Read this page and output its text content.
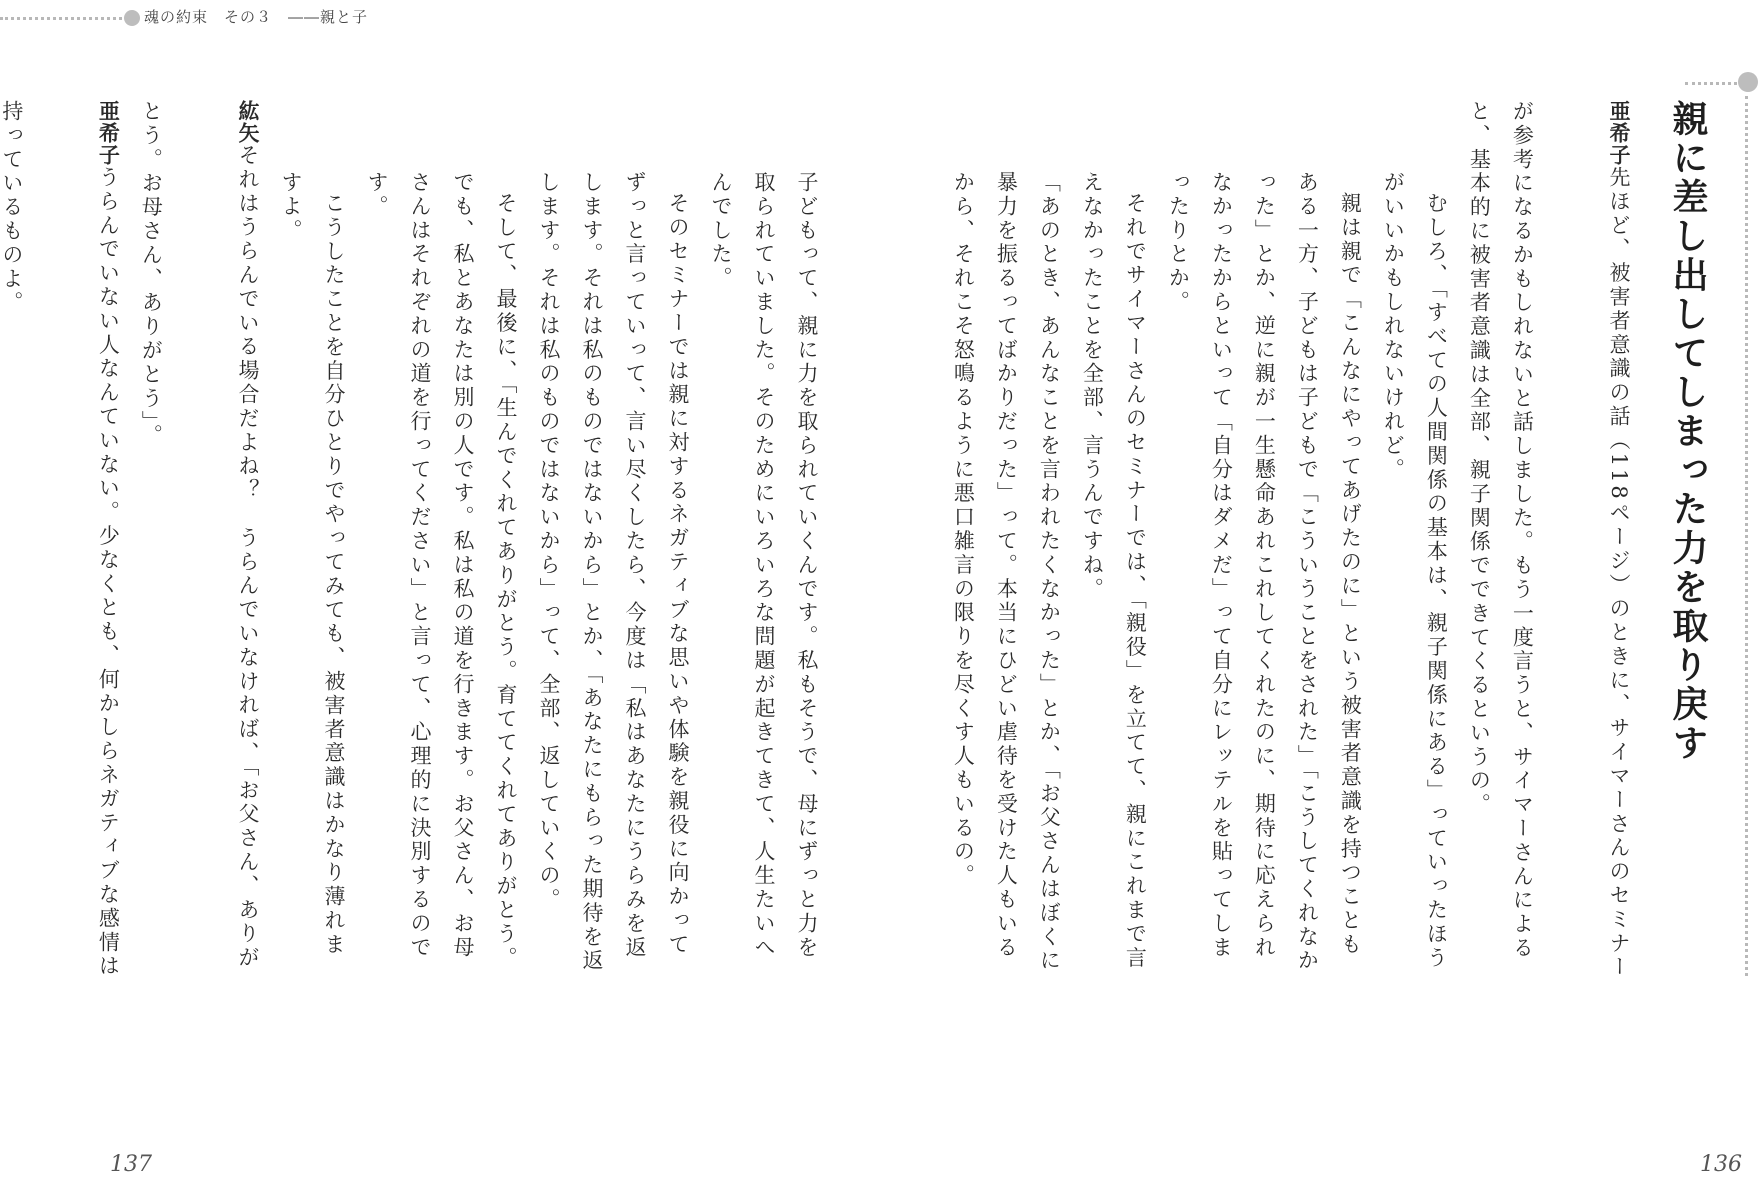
魂の約束　その３　――親と子
子どもって、親に力を取られていくんです。私もそうで、母にずっと力を取られていました。そのためにいろいろな問題が起きてきて、人生たいへんでした。
そのセミナーでは親に対するネガティブな思いや体験を親役に向かってずっと言っていって、言い尽くしたら、今度は「私はあなたにうらみを返します。それは私のものではないから」とか、「あなたにもらった期待を返します。それは私のものではないから」って、全部、返していくの。
そして、最後に、「生んでくれてありがとう。育ててくれてありがとう。でも、私とあなたは別の人です。私は私の道を行きます。お父さん、お母さんはそれぞれの道を行ってください」と言って、心理的に決別するのです。
こうしたことを自分ひとりでやってみても、被害者意識はかなり薄れますよ。
紘矢それはうらんでいる場合だよね？　うらんでいなければ、「お父さん、ありがとう。お母さん、ありがとう」。
亜希子うらんでいない人なんていない。少なくとも、何かしらネガティブな感情は持っているものよ。
137
親に差し出してしまった力を取り戻す
亜希子先ほど、被害者意識の話（118ページ）のときに、サイマーさんのセミナーが参考になるかもしれないと話しました。もう一度言うと、サイマーさんによると、基本的に被害者意識は全部、親子関係でできてくるというの。
むしろ、「すべての人間関係の基本は、親子関係にある」っていったほうがいいかもしれないけれど。
親は親で「こんなにやってあげたのに」という被害者意識を持つこともある一方、子どもは子どもで「こういうことをされた」「こうしてくれなかった」とか、逆に親が一生懸命あれこれしてくれたのに、期待に応えられなかったからといって「自分はダメだ」って自分にレッテルを貼ってしまったりとか。
それでサイマーさんのセミナーでは、「親役」を立てて、親にこれまで言えなかったことを全部、言うんですね。
「あのとき、あんなことを言われたくなかった」とか、「お父さんはぼくに暴力を振るってばかりだった」って。本当にひどい虐待を受けた人もいるから、それこそ怒鳴るように悪口雑言の限りを尽くす人もいるの。
136
